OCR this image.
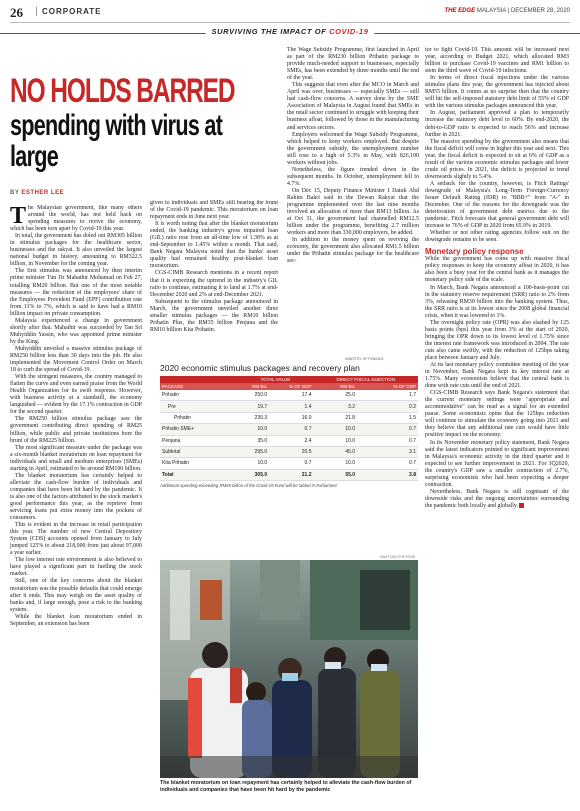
26	CORPORATE	THE EDGE MALAYSIA | DECEMBER 28, 2020
SURVIVING THE IMPACT OF COVID-19
NO HOLDS BARRED
spending with virus at large
BY ESTHER LEE

The Malaysian government, like many others around the world, has not held back on spending measures to revive the economy, which has been torn apart by Covid-19 this year.

In total, the government has doled out RM305 billion in stimulus packages for the healthcare sector, businesses and the rakyat. It also unveiled the largest national budget in history, amounting to RM322.5 billion, in November for the coming year.

The first stimulus was announced by then interim prime minister Tun Dr Mahathir Mohamad on Feb 27, totalling RM20 billion. But one of the most notable measures — the reduction of the employees' share of the Employees Provident Fund (EPF) contribution rate from 11% to 7%, which is said to have had a RM10 billion impact on private consumption.

Malaysia experienced a change in government shortly after that. Mahathir was succeeded by Tan Sri Muhyiddin Yassin, who was appointed prime minister by the King.

Muhyiddin unveiled a massive stimulus package of RM250 billion less than 30 days into the job. He also implemented the Movement Control Order on March 18 to curb the spread of Covid-19.

With the stringent measures, the country managed to flatten the curve and even earned praise from the World Health Organization for its swift response. However, with business activity at a standstill, the economy languished — evident by the 17.1% contraction in GDP for the second quarter.

The RM250 billion stimulus package saw the government contributing direct spending of RM25 billion, while public and private institutions bore the brunt of the RM225 billion.

The most significant measure under the package was a six-month blanket moratorium on loan repayment for individuals and small and medium enterprises (SMEs) starting in April, estimated to be around RM100 billion.

The blanket moratorium has certainly helped to alleviate the cash-flow burden of individuals and companies that have been hit hard by the pandemic. It is also one of the factors attributed to the stock market's good performance this year, as the reprieve from servicing loans put extra money into the pockets of consumers.

This is evident in the increase in retail participation this year. The number of new Central Depository System (CDS) accounts opened from January to July jumped 125% to about 218,000 from just about 97,000 a year earlier.

The low interest rate environment is also believed to have played a significant part in fuelling the stock market.

Still, one of the key concerns about the blanket moratorium was the possible defaults that could emerge after it ends. This may weigh on the asset quality of banks and, if large enough, pose a risk to the banking system.

While the blanket loan moratorium ended in September, an extension has been

given to individuals and SMEs still bearing the brunt of the Covid-19 pandemic. This moratorium on loan repayment ends in June next year.

It is worth noting that after the blanket moratorium ended, the banking industry's gross impaired loan (GIL) ratio rose from an all-time low of 1.38% as at end-September to 1.45% within a month. That said, Bank Negara Malaysia noted that the banks' asset quality had remained healthy post-blanket loan moratorium.

CGS-CIMB Research mentions in a recent report that it is expecting the uptrend in the industry's GIL ratio to continue, estimating it to land at 1.7% at end-December 2020 and 2% at end-December 2021.

Subsequent to the stimulus package announced in March, the government unveiled another three smaller stimulus packages — the RM10 billion Prihatin Plus, the RM35 billion Penjana and the RM10 billion Kita Prihatin.

The Wage Subsidy Programme, first launched in April as part of the RM230 billion Prihatin package to provide much-needed support to businesses, especially SMEs, has been extended by three months until the end of the year.

This suggests that even after the MCO in March and April was over, businesses — especially SMEs — still had cash-flow concerns. A survey done by the SME Association of Malaysia in August found that SMEs in the retail sector continued to struggle with keeping their business afloat, followed by those in the manufacturing and services sectors.

Employers welcomed the Wage Subsidy Programme, which helped to keep workers employed. But despite the government subsidy, the unemployment number still rose to a high of 5.3% in May, with 826,100 workers without jobs.

Nonetheless, the figure trended down in the subsequent months. In October, unemployment fell to 4.7%.

On Dec 15, Deputy Finance Minister I Datuk Abd Rahim Bakri said in the Dewan Rakyat that the programme implemented over the last nine months involved an allocation of more than RM13 billion. As at Oct 31, the government had channelled RM12.5 billion under the programme, benefiting 2.7 million workers and more than 330,000 employers, he added.

In addition to the money spent on reviving the economy, the government also allocated RM1.5 billion under the Prihatin stimulus package for the healthcare sec-

tor to fight Covid-19. This amount will be increased next year, according to Budget 2021, which allocated RM3 billion to purchase Covid-19 vaccines and RM1 billion to stem the third wave of Covid-19 infections.

In terms of direct fiscal injections under the various stimulus plans this year, the government has injected about RM55 billion. It comes as no surprise then that the country will hit the self-imposed statutory debt limit of 55% of GDP with the various stimulus packages announced this year.

In August, parliament approved a plan to temporarily increase the statutory debt level to 60%. By end-2020, the debt-to-GDP ratio is expected to reach 56% and increase further in 2021.

The massive spending by the government also means that the fiscal deficit will come in higher this year and next. This year, the fiscal deficit is expected to sit at 6% of GDP as a result of the various economic stimulus packages and lower crude oil prices. In 2021, the deficit is projected to trend downwards slightly to 5.4%.

A setback for the country, however, is Fitch Ratings' downgrade of Malaysia's Long-Term Foreign-Currency Issuer Default Rating (IDR) to "BBB+" from "A-" in December. One of the reasons for the downgrade was the deterioration of government debt metrics due to the pandemic. Fitch forecasts that general government debt will increase to 76% of GDP in 2020 from 65.9% in 2019.

Whether or not other rating agencies follow suit on the downgrade remains to be seen.

Monetary policy response

While the government has come up with massive fiscal policy responses to keep the economy afloat in 2020, it has also been a busy year for the central bank as it manages the monetary policy side of the scale.

In March, Bank Negara announced a 100-basis-point cut in the statutory reserve requirement (SRR) ratio to 2% from 3%, releasing RM30 billion into the banking system. Thus, the SRR ratio is at its lowest since the 2008 global financial crisis, when it was lowered to 1%.

The overnight policy rate (OPR) was also slashed by 125 basis points (bps) this year from 3% at the start of 2020, bringing the OPR down to its lowest level of 1.75% since the interest rate framework was introduced in 2004. The rate cuts also came swiftly, with the reduction of 125bps taking place between January and July.

At its last monetary policy committee meeting of the year in November, Bank Negara kept its key interest rate at 1.75%. Many economists believe that the central bank is done with rate cuts until the end of 2021.

CGS-CIMB Research says Bank Negara's statement that the current monetary settings were "appropriate and accommodative" can be read as a signal for an extended pause. Some economists opine that the 125bps reduction will continue to stimulate the economy going into 2021 and they believe that any additional rate cuts would have little positive impact on the economy.

In its November monetary policy statement, Bank Negara said the latest indicators pointed to significant improvement in Malaysia's economic activity in the third quarter and it expected to see further improvement in 2021. For 3Q2020, the country's GDP saw a smaller contraction of 2.7%, surprising economists who had been expecting a deeper contraction.

Nevertheless, Bank Negara is still cognisant of the downside risks and the ongoing uncertainties surrounding the pandemic both locally and globally.

MINISTRY OF FINANCE
2020 economic stimulus packages and recovery plan
	TOTAL VALUE		DIRECT FISCAL INJECTION	
PACKAGE	RM BIL	% OF GDP	RM BIL	% OF GDP
Prihatin	250.0	17.4	25.0	1.7
Pre	19.7	1.4	3.2	0.2
Prihatin	230.3	16.0	21.8	1.5
Prihatin SME+	10.0	0.7	10.0	0.7
Penjana	35.0	2.4	10.0	0.7
Subtotal	295.0	20.5	45.0	3.1
Kita Prihatin	10.0	0.7	10.0	0.7
Total	305.0	21.2	55.0	3.8
Additional spending exceeding RM45 billion of the Covid-19 Fund will be tabled in Parliament
SAM FONG/THE EDGE
The blanket moratorium on loan repayment has certainly helped to alleviate the cash-flow burden of individuals and companies that have been hit hard by the pandemic
